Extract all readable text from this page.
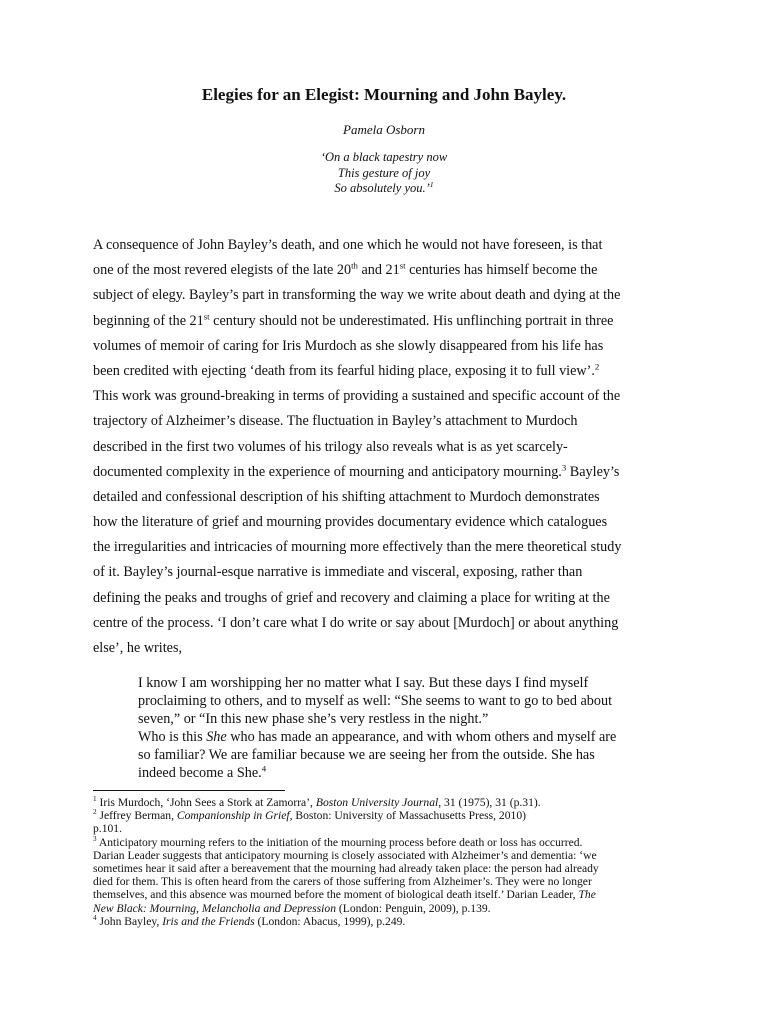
Elegies for an Elegist: Mourning and John Bayley.
Pamela Osborn
‘On a black tapestry now
This gesture of joy
So absolutely you.’$^1$
A consequence of John Bayley’s death, and one which he would not have foreseen, is that
one of the most revered elegists of the late 20th and 21st centuries has himself become the
subject of elegy. Bayley’s part in transforming the way we write about death and dying at the
beginning of the 21st century should not be underestimated. His unflinching portrait in three
volumes of memoir of caring for Iris Murdoch as she slowly disappeared from his life has
been credited with ejecting ‘death from its fearful hiding place, exposing it to full view’.$^2$
This work was ground-breaking in terms of providing a sustained and specific account of the
trajectory of Alzheimer’s disease. The fluctuation in Bayley’s attachment to Murdoch
described in the first two volumes of his trilogy also reveals what is as yet scarcely-
documented complexity in the experience of mourning and anticipatory mourning.$^3$ Bayley’s
detailed and confessional description of his shifting attachment to Murdoch demonstrates
how the literature of grief and mourning provides documentary evidence which catalogues
the irregularities and intricacies of mourning more effectively than the mere theoretical study
of it. Bayley’s journal-esque narrative is immediate and visceral, exposing, rather than
defining the peaks and troughs of grief and recovery and claiming a place for writing at the
centre of the process. ‘I don’t care what I do write or say about [Murdoch] or about anything
else’, he writes,
I know I am worshipping her no matter what I say. But these days I find myself
proclaiming to others, and to myself as well: “She seems to want to go to bed about
seven,” or “In this new phase she’s very restless in the night.”
Who is this She who has made an appearance, and with whom others and myself are
so familiar? We are familiar because we are seeing her from the outside. She has
indeed become a She.$^4$
$^1$ Iris Murdoch, ‘John Sees a Stork at Zamorra’, Boston University Journal, 31 (1975), 31 (p.31).
$^2$ Jeffrey Berman, Companionship in Grief, Boston: University of Massachusetts Press, 2010)
p.101.
$^3$ Anticipatory mourning refers to the initiation of the mourning process before death or loss has occurred.
Darian Leader suggests that anticipatory mourning is closely associated with Alzheimer’s and dementia: ‘we
sometimes hear it said after a bereavement that the mourning had already taken place: the person had already
died for them. This is often heard from the carers of those suffering from Alzheimer’s. They were no longer
themselves, and this absence was mourned before the moment of biological death itself.’ Darian Leader, The
New Black: Mourning, Melancholia and Depression (London: Penguin, 2009), p.139.
$^4$ John Bayley, Iris and the Friends (London: Abacus, 1999), p.249.
